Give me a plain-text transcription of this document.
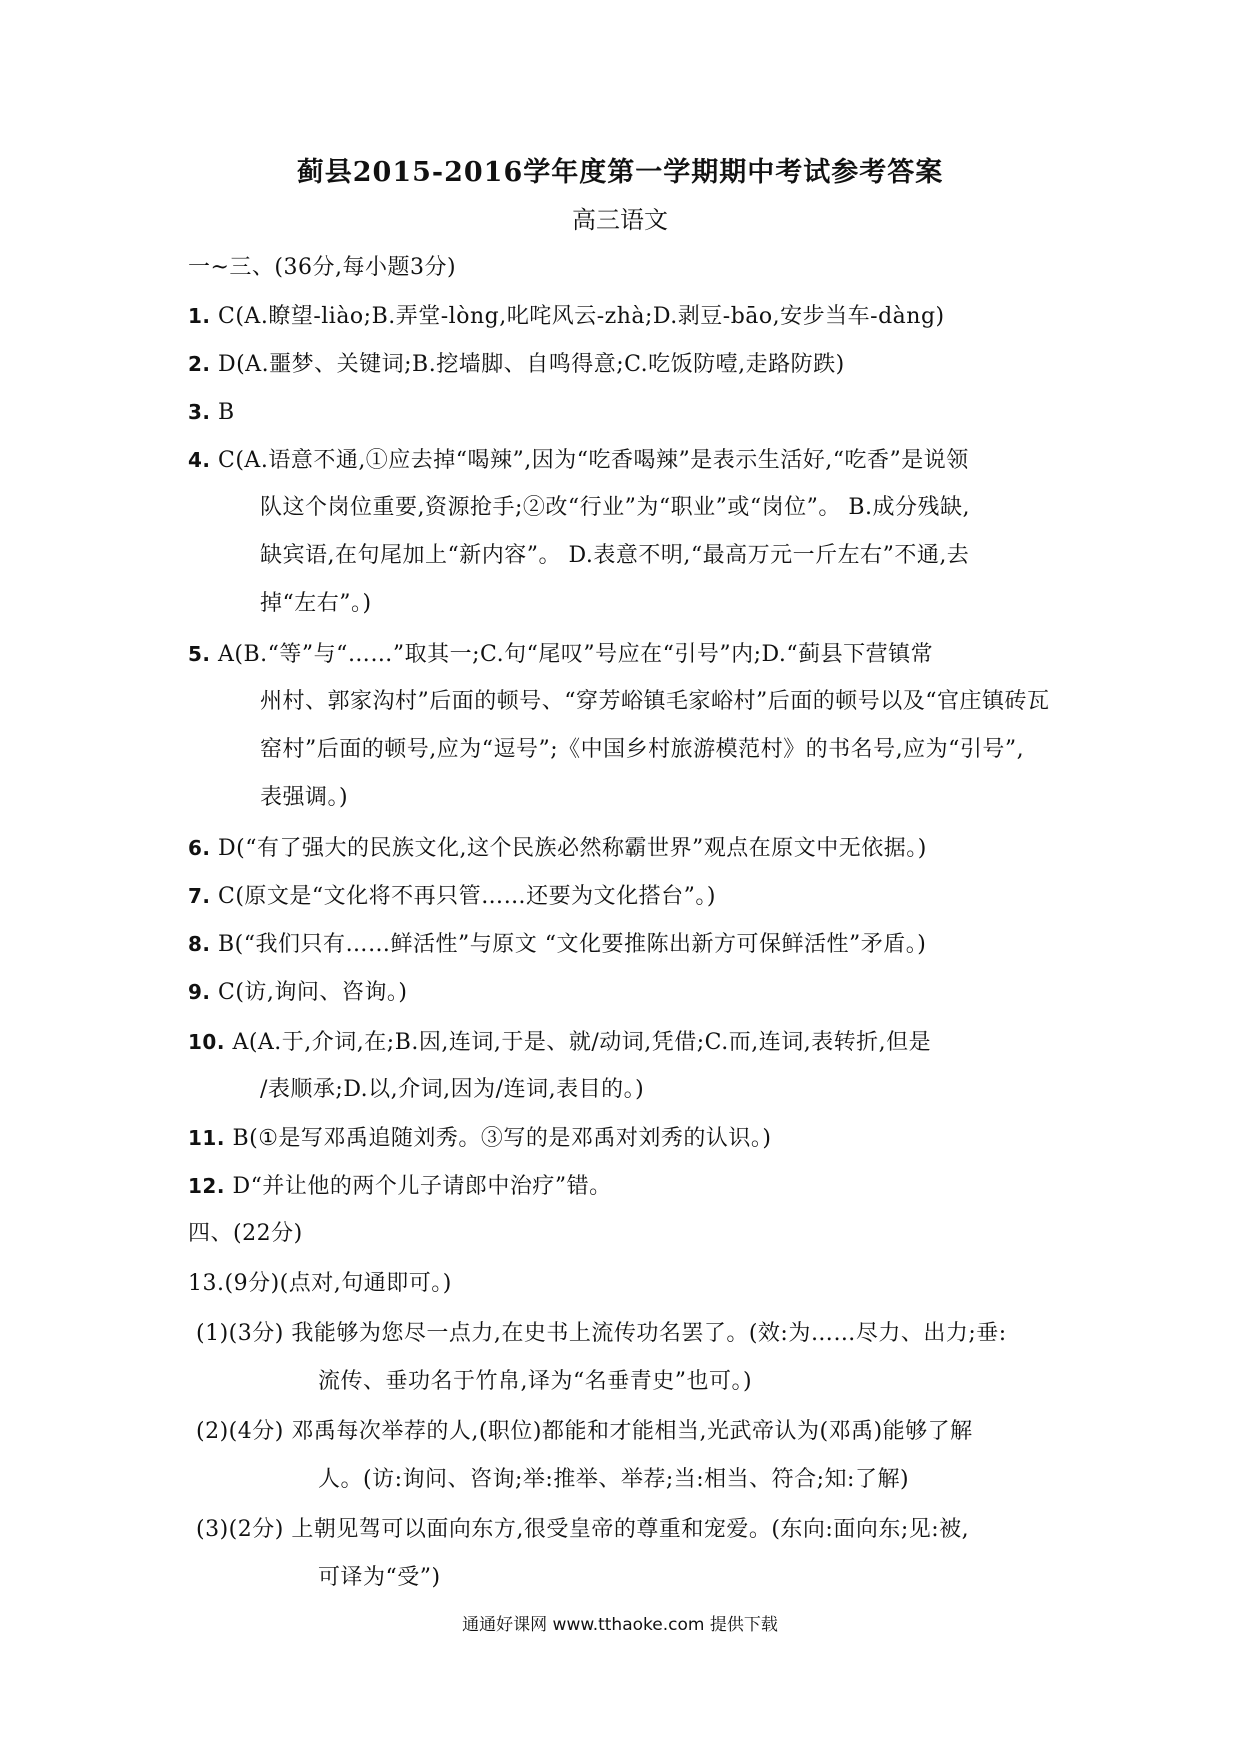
蓟县2015-2016学年度第一学期期中考试参考答案
高三语文
一~三、(36分,每小题3分)
1. C(A.瞭望-liào;B.弄堂-lòng,叱咤风云-zhà;D.剥豆-bāo,安步当车-dàng)
2. D(A.噩梦、关键词;B.挖墙脚、自鸣得意;C.吃饭防噎,走路防跌)
3. B
4. C(A.语意不通,①应去掉“喝辣”,因为“吃香喝辣”是表示生活好,“吃香”是说领
队这个岗位重要,资源抢手;②改“行业”为“职业”或“岗位”。 B.成分残缺,
缺宾语,在句尾加上“新内容”。 D.表意不明,“最高万元一斤左右”不通,去
掉“左右”。)
5. A(B.“等”与“……”取其一;C.句“尾叹”号应在“引号”内;D.“蓟县下营镇常
州村、郭家沟村”后面的顿号、“穿芳峪镇毛家峪村”后面的顿号以及“官庄镇砖瓦
窑村”后面的顿号,应为“逗号”;《中国乡村旅游模范村》的书名号,应为“引号”,
表强调。)
6. D(“有了强大的民族文化,这个民族必然称霸世界”观点在原文中无依据。)
7. C(原文是“文化将不再只管……还要为文化搭台”。)
8. B(“我们只有……鲜活性”与原文 “文化要推陈出新方可保鲜活性”矛盾。)
9. C(访,询问、咨询。)
10. A(A.于,介词,在;B.因,连词,于是、就/动词,凭借;C.而,连词,表转折,但是
/表顺承;D.以,介词,因为/连词,表目的。)
11. B(①是写邓禹追随刘秀。③写的是邓禹对刘秀的认识。)
12. D“并让他的两个儿子请郎中治疗”错。
四、(22分)
13.(9分)(点对,句通即可。)
(1)(3分) 我能够为您尽一点力,在史书上流传功名罢了。(效:为……尽力、出力;垂:
流传、垂功名于竹帛,译为“名垂青史”也可。)
(2)(4分) 邓禹每次举荐的人,(职位)都能和才能相当,光武帝认为(邓禹)能够了解
人。(访:询问、咨询;举:推举、举荐;当:相当、符合;知:了解)
(3)(2分) 上朝见驾可以面向东方,很受皇帝的尊重和宠爱。(东向:面向东;见:被,
可译为“受”)
通通好课网 www.tthaoke.com 提供下载
